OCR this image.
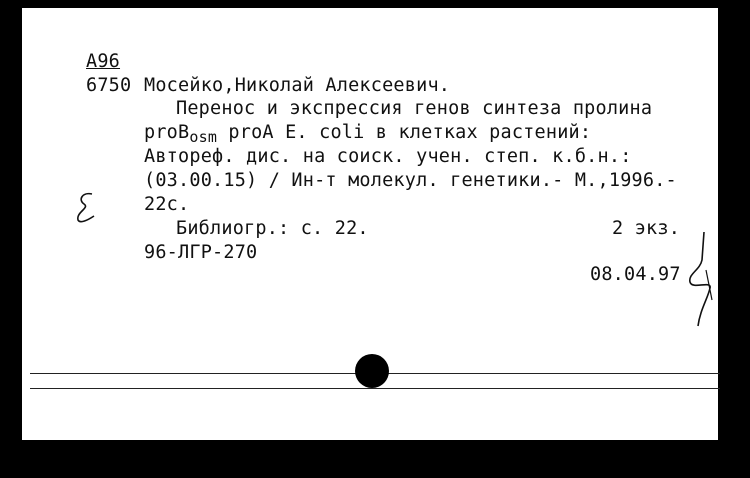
A96
6750 Мосейко,Николай Алексеевич.
Перенос и экспрессия генов синтеза пролина
proB$_{osm}$ proA E. coli в клетках растений:
Автореф. дис. на соиск. учен. степ. к.б.н.:
(03.00.15) / Ин-т молекул. генетики.- М.,1996.-
22с.
Библиогр.: с. 22.	2 экз.
96-ЛГР-270
08.04.97
